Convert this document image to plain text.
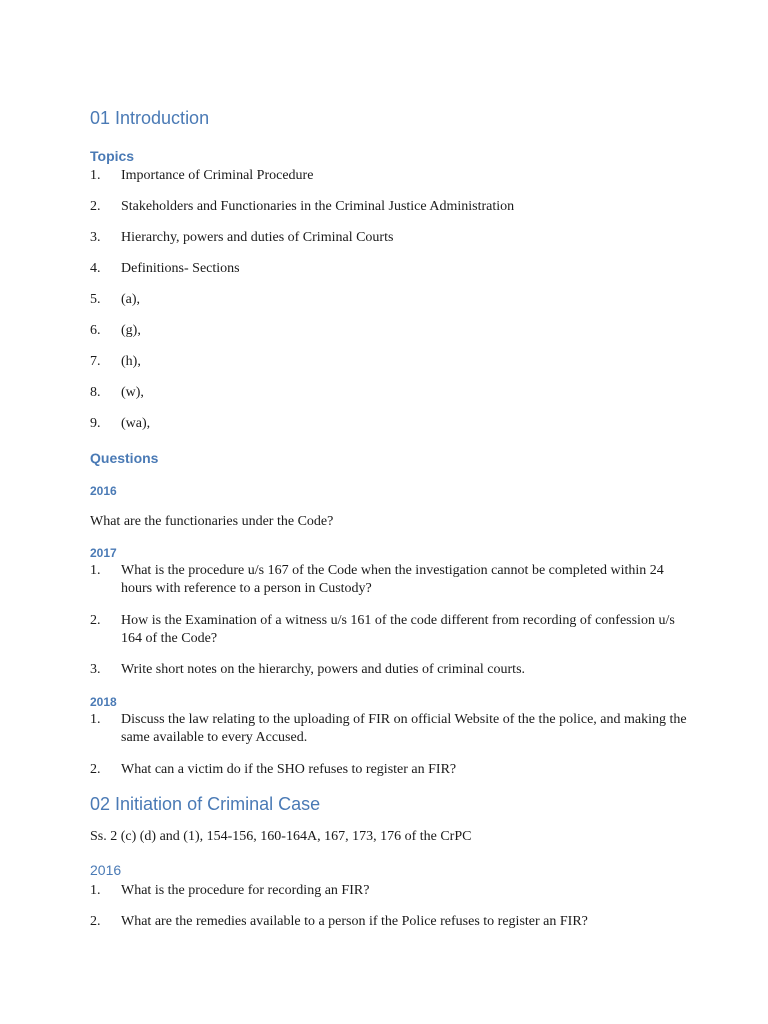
01 Introduction
Topics
1.	Importance of Criminal Procedure
2.	Stakeholders and Functionaries in the Criminal Justice Administration
3.	Hierarchy, powers and duties of Criminal Courts
4.	Definitions- Sections
5.	(a),
6.	(g),
7.	(h),
8.	(w),
9.	(wa),
Questions
2016

What are the functionaries under the Code?

2017
1.	What is the procedure u/s 167 of the Code when the investigation cannot be completed within 24 hours with reference to a person in Custody?
2.	How is the Examination of a witness u/s 161 of the code different from recording of confession u/s 164 of the Code?
3.	Write short notes on the hierarchy, powers and duties of criminal courts.
2018
1.	Discuss the law relating to the uploading of FIR on official Website of the the police, and making the same available to every Accused.
2.	What can a victim do if the SHO refuses to register an FIR?
02 Initiation of Criminal Case

Ss. 2 (c) (d) and (1), 154-156, 160-164A, 167, 173, 176 of the CrPC

2016
1.	What is the procedure for recording an FIR?
2.	What are the remedies available to a person if the Police refuses to register an FIR?
